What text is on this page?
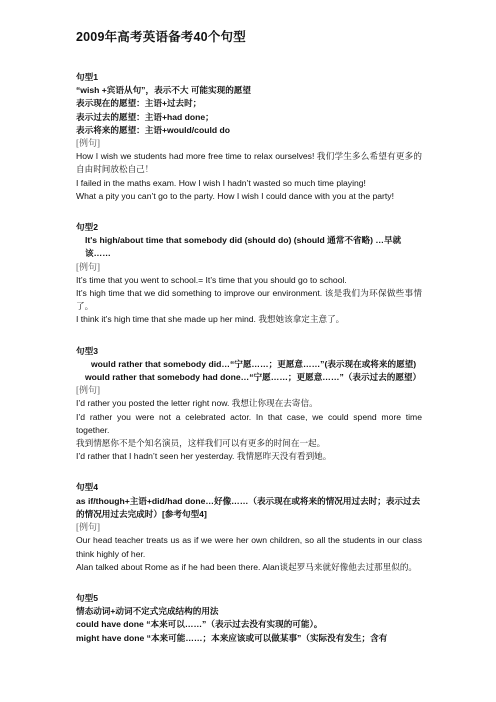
2009年高考英语备考40个句型
句型1
“wish +宾语从句”，表示不大 可能实现的愿望
表示现在的愿望：主语+过去时；
表示过去的愿望：主语+had done；
表示将来的愿望：主语+would/could do
[例句]
How I wish we students had more free time to relax ourselves! 我们学生多么希望有更多的自由时间放松自己！
I failed in the maths exam. How I wish I hadn’t wasted so much time playing!
What a pity you can’t go to the party. How I wish I could dance with you at the party!
句型2
It's high/about time that somebody did (should do) (should 通常不省略) …早就该……
[例句]
It’s time that you went to school.= It’s time that you should go to school.
It’s high time that we did something to improve our environment. 该是我们为环保做些事情了。
I think it’s high time that she made up her mind. 我想她该拿定主意了。
句型3
would rather that somebody did…“宁愿……；更愿意……”(表示现在或将来的愿望)
would rather that somebody had done…“宁愿……；更愿意……”（表示过去的愿望）
[例句]
I’d rather you posted the letter right now. 我想让你现在去寄信。
I’d rather you were not a celebrated actor. In that case, we could spend more time together.
我到情愿你不是个知名演员，这样我们可以有更多的时间在一起。
I’d rather that I hadn’t seen her yesterday. 我情愿昨天没有看到她。
句型4
as if/though+主语+did/had done…好像……（表示现在或将来的情况用过去时；表示过去的情况用过去完成时）[参考句型4]
[例句]
Our head teacher treats us as if we were her own children, so all the students in our class think highly of her.
Alan talked about Rome as if he had been there. Alan谈起罗马来就好像他去过那里似的。
句型5
情态动词+动词不定式完成结构的用法
could have done “本来可以……”（表示过去没有实现的可能）。
might have done “本来可能……；本来应该或可以做某事”（实际没有发生；含有
